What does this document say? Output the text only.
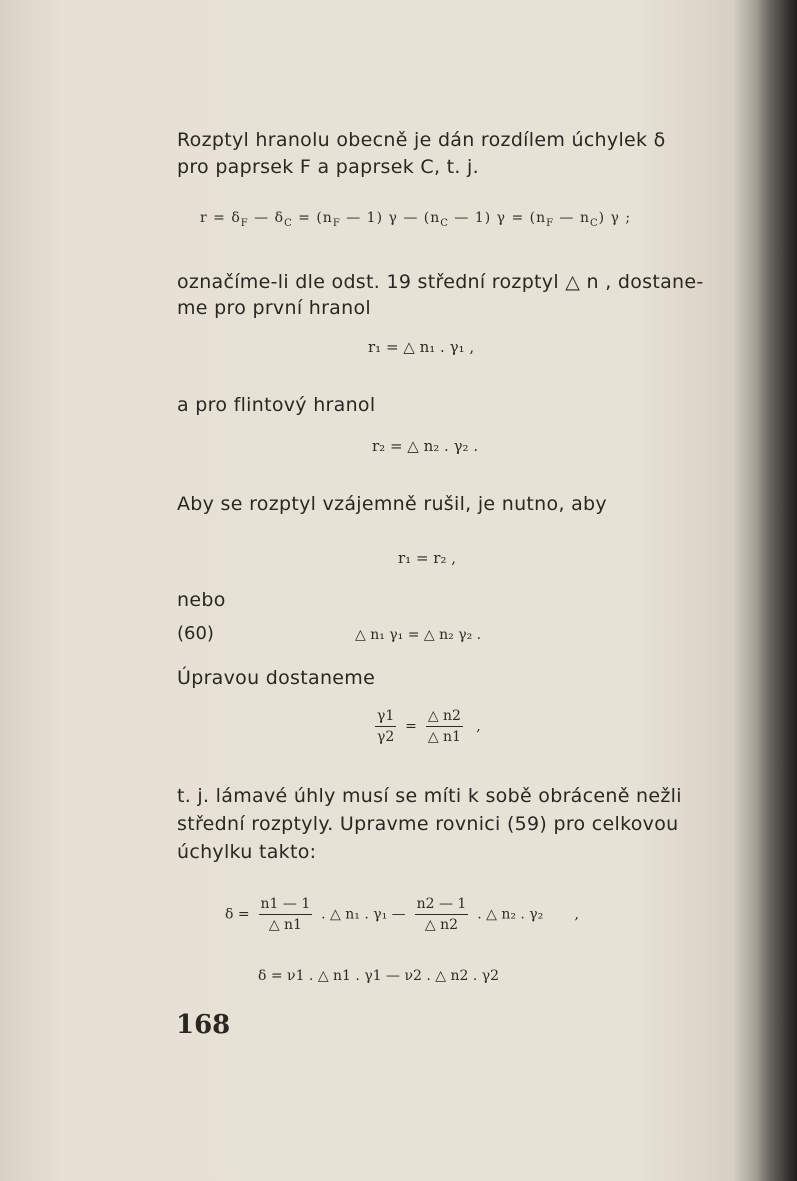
Rozptyl hranolu obecně je dán rozdílem úchylek δ
pro paprsek F a paprsek C, t. j.
$r = \delta_F$ — $\delta_C = (n_F$ — 1) γ — ($n_C$ — 1) $\gamma = (n_F$ — $n_C$) γ ;
označíme-li dle odst. 19 střední rozptyl △ n , dostane-
me pro první hranol
r₁ = △ n₁ . γ₁ ,
a pro flintový hranol
r₂ = △ n₂ . γ₂ .
Aby se rozptyl vzájemně rušil, je nutno, aby
r₁ = r₂ ,
nebo
(60)	△ n₁ γ₁ = △ n₂ γ₂ .
Úpravou dostaneme
$\frac{\gamma 1}{\gamma 2} = \frac{\triangle n2}{\triangle n1}$ ,
t. j. lámavé úhly musí se míti k sobě obráceně nežli
střední rozptyly. Upravme rovnici (59) pro celkovou
úchylku takto:
$\delta = \frac{n1 — 1}{\triangle n1}$ . △ n₁ . γ₁ — $\frac{n2 — 1}{\triangle n2}$ . △ n₂ . γ₂       ,
δ = ν1 . △ n1 . γ1 — ν2 . △ n2 . γ2
168
